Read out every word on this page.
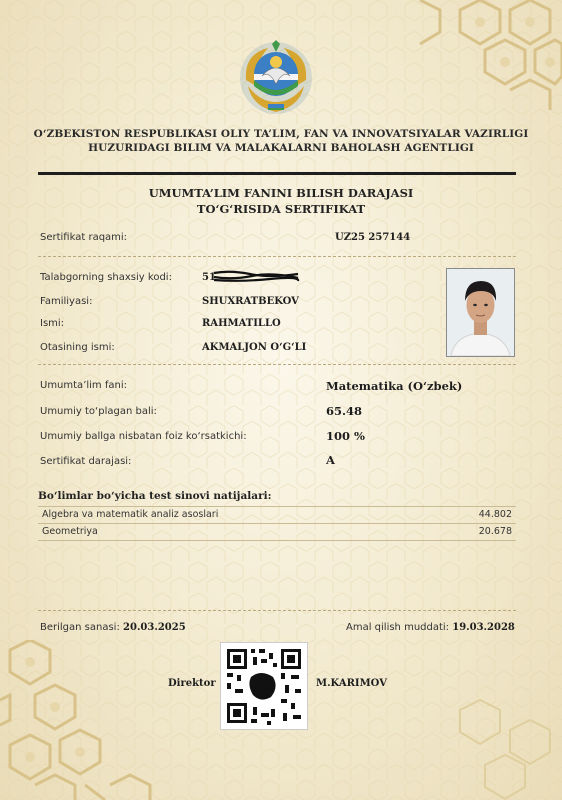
O‘ZBEKISTON RESPUBLIKASI OLIY TA’LIM, FAN VA INNOVATSIYALAR VAZIRLIGI
HUZURIDAGI BILIM VA MALAKALARNI BAHOLASH AGENTLIGI
UMUMTA’LIM FANINI BILISH DARAJASI
TO‘G‘RISIDA SERTIFIKAT
Sertifikat raqami:	UZ25 257144
Talabgorning shaxsiy kodi:	51
Familiyasi:	SHUXRATBEKOV
Ismi:	RAHMATILLO
Otasining ismi:	AKMALJON O‘G‘LI
Umumta’lim fani:	Matematika (O‘zbek)
Umumiy to‘plagan bali:	65.48
Umumiy ballga nisbatan foiz ko‘rsatkichi:	100 %
Sertifikat darajasi:	A
Bo‘limlar bo‘yicha test sinovi natijalari:
Algebra va matematik analiz asoslari	44.802
Geometriya	20.678
Berilgan sanasi: 20.03.2025	Amal qilish muddati: 19.03.2028
Direktor	M.KARIMOV
